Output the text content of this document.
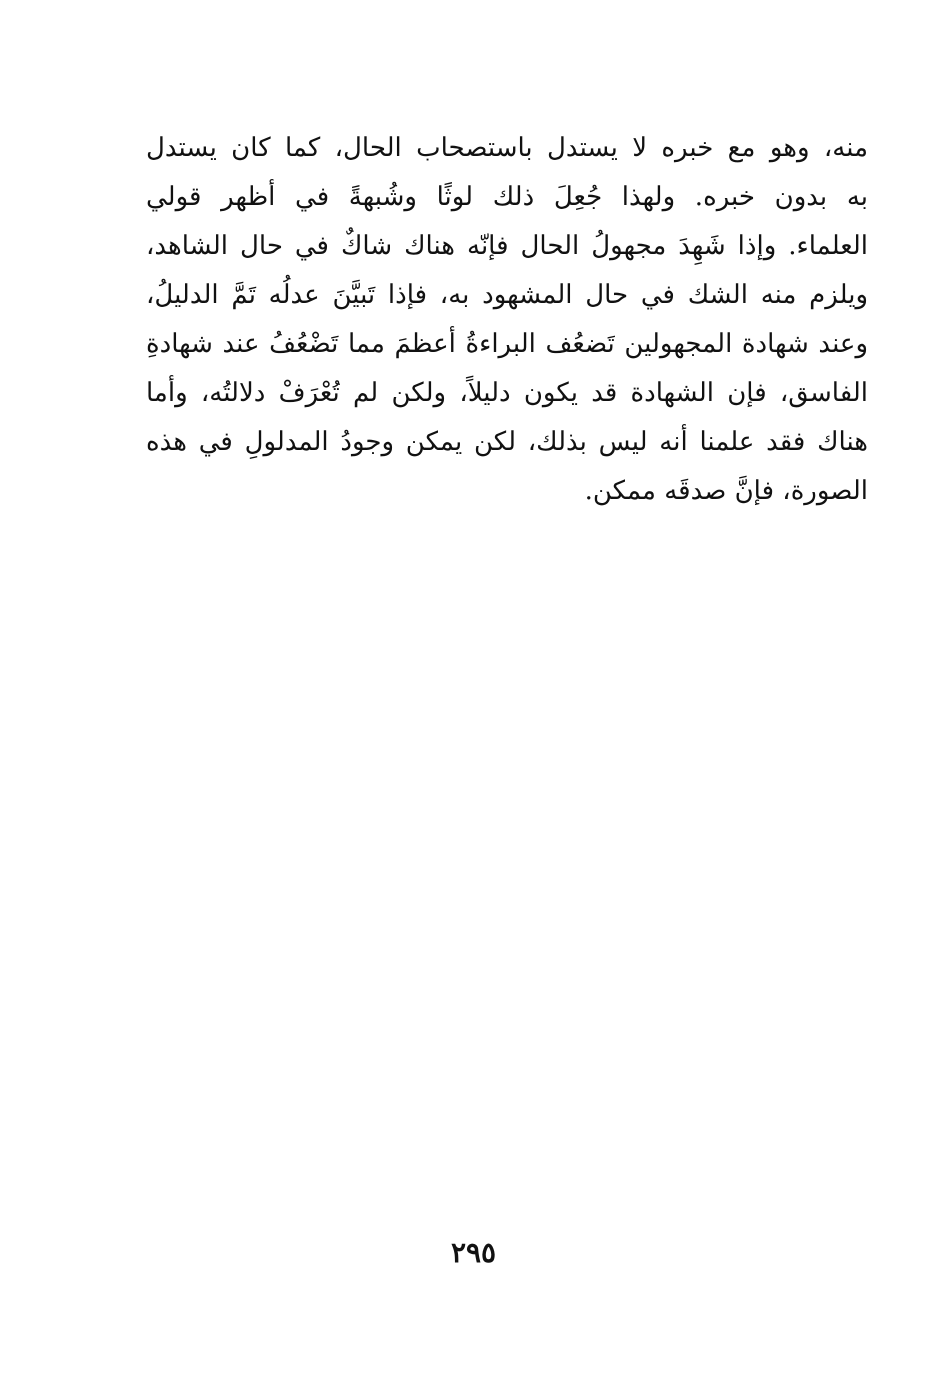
منه، وهو مع خبره لا يستدل باستصحاب الحال، كما كان يستدل
به بدون خبره. ولهذا جُعِلَ ذلك لوثًا وشُبهةً في أظهر قولي
العلماء. وإذا شَهِدَ مجهولُ الحال فإنّه هناك شاكٌ في حال الشاهد،
ويلزم منه الشك في حال المشهود به، فإذا تَبيَّنَ عدلُه تَمَّ الدليلُ،
وعند شهادة المجهولين تَضعُف البراءةُ أعظمَ مما تَضْعُفُ عند شهادةِ
الفاسق، فإن الشهادة قد يكون دليلاً، ولكن لم تُعْرَفْ دلالتُه، وأما
هناك فقد علمنا أنه ليس بذلك، لكن يمكن وجودُ المدلولِ في هذه
الصورة، فإنَّ صدقَه ممكن.
٢٩٥
